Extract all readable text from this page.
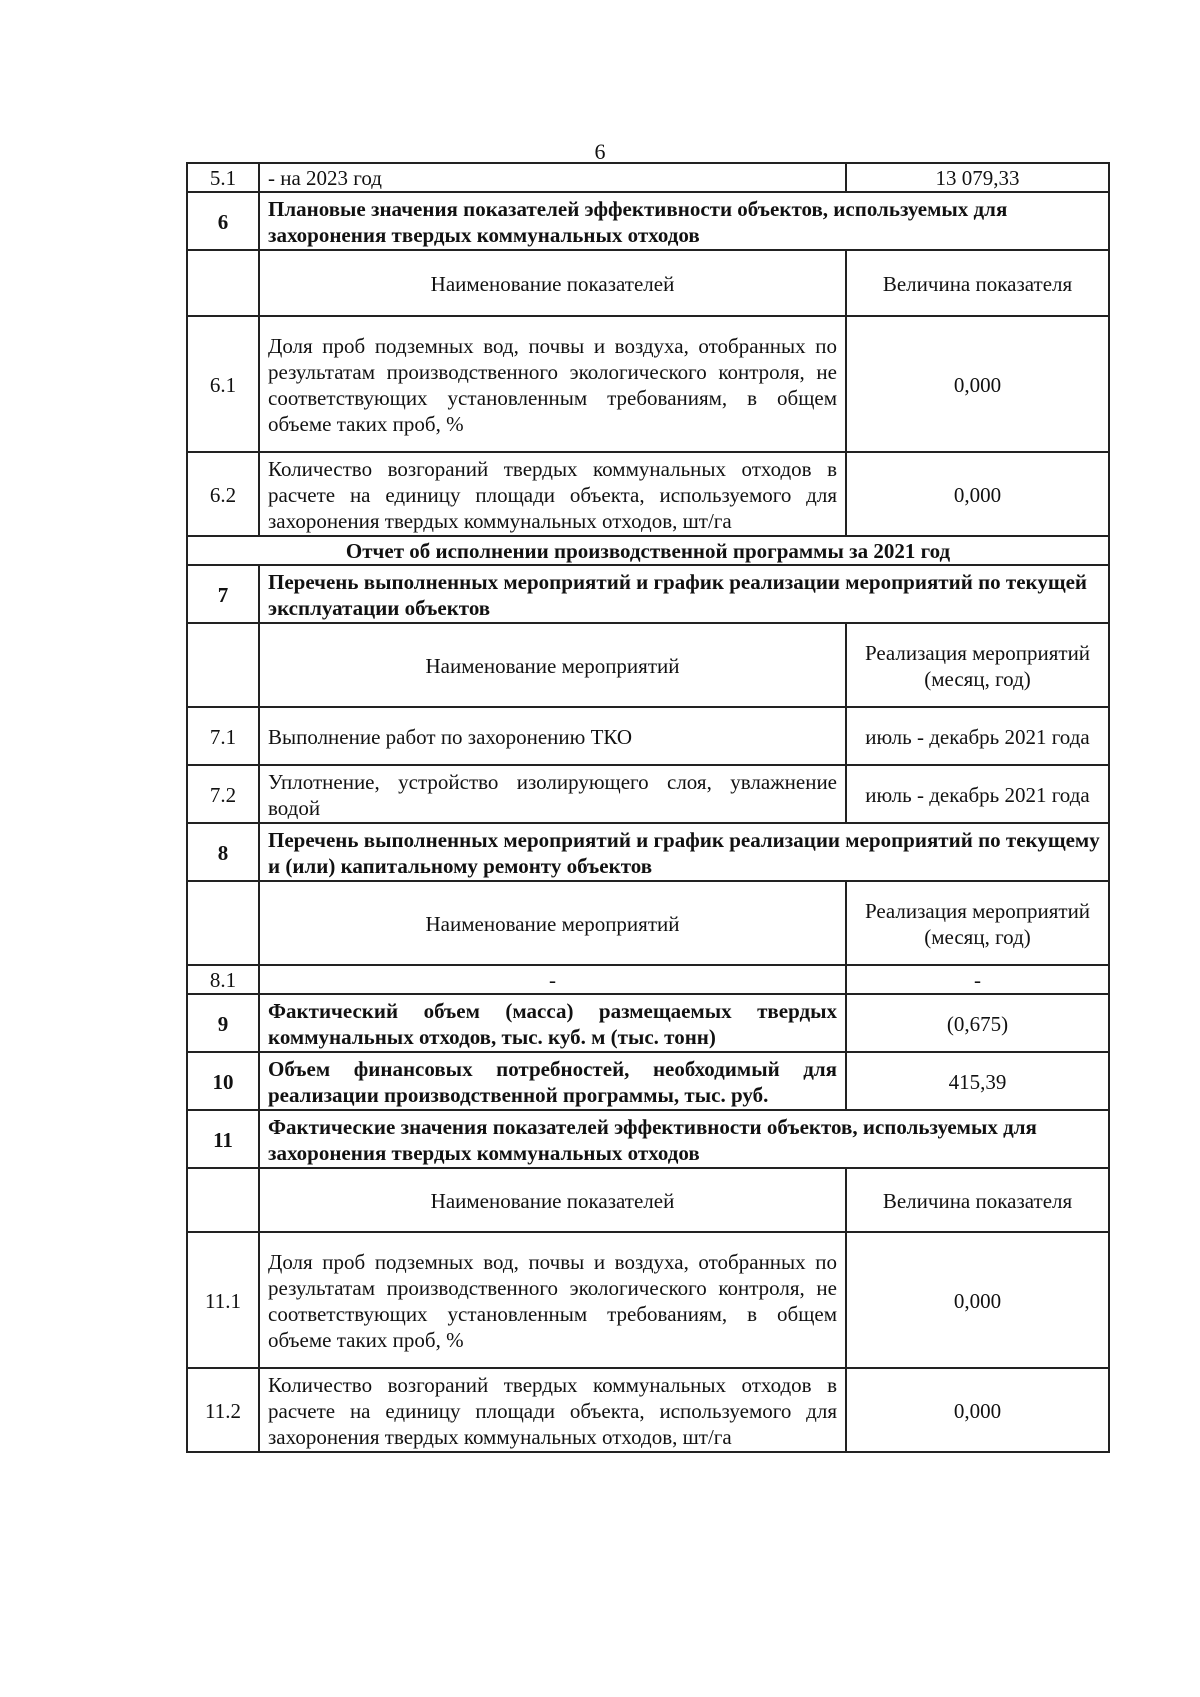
6
5.1	- на 2023 год	13 079,33
6	Плановые значения показателей эффективности объектов, используемых для захоронения твердых коммунальных отходов	
	Наименование показателей	Величина показателя
6.1	Доля проб подземных вод, почвы и воздуха, отобранных по результатам производственного экологического контроля, не соответствующих установленным требованиям, в общем объеме таких проб, %	0,000
6.2	Количество возгораний твердых коммунальных отходов в расчете на единицу площади объекта, используемого для захоронения твердых коммунальных отходов, шт/га	0,000
Отчет об исполнении производственной программы за 2021 год		
7	Перечень выполненных мероприятий и график реализации мероприятий по текущей эксплуатации объектов	
	Наименование мероприятий	Реализация мероприятий (месяц, год)
7.1	Выполнение работ по захоронению ТКО	июль - декабрь 2021 года
7.2	Уплотнение, устройство изолирующего слоя, увлажнение водой	июль - декабрь 2021 года
8	Перечень выполненных мероприятий и график реализации мероприятий по текущему и (или) капитальному ремонту объектов	
	Наименование мероприятий	Реализация мероприятий (месяц, год)
8.1	-	-
9	Фактический объем (масса) размещаемых твердых коммунальных отходов, тыс. куб. м (тыс. тонн)	(0,675)
10	Объем финансовых потребностей, необходимый для реализации производственной программы, тыс. руб.	415,39
11	Фактические значения показателей эффективности объектов, используемых для захоронения твердых коммунальных отходов	
	Наименование показателей	Величина показателя
11.1	Доля проб подземных вод, почвы и воздуха, отобранных по результатам производственного экологического контроля, не соответствующих установленным требованиям, в общем объеме таких проб, %	0,000
11.2	Количество возгораний твердых коммунальных отходов в расчете на единицу площади объекта, используемого для захоронения твердых коммунальных отходов, шт/га	0,000
